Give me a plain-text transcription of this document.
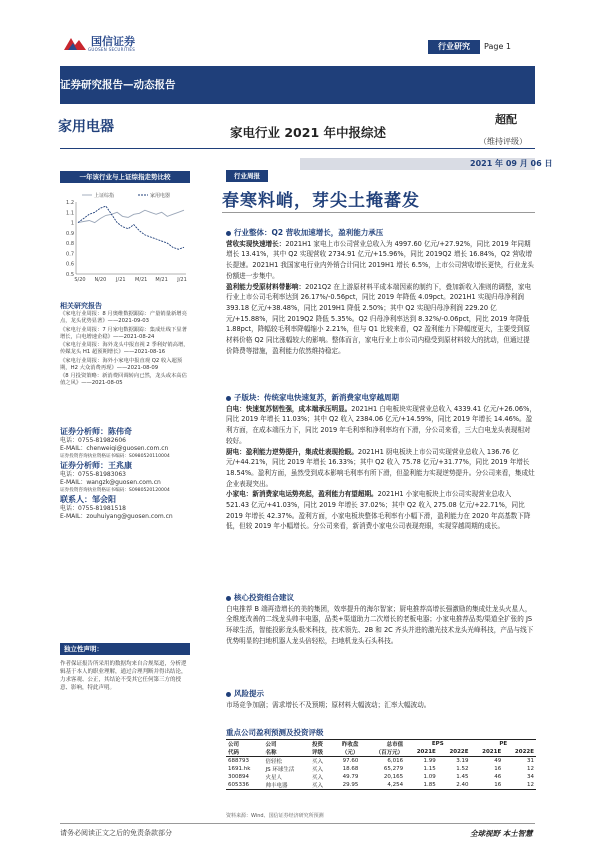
国信证券
GUOSEN SECURITIES	行业研究	Page 1
证券研究报告—动态报告
家用电器	家电行业 2021 年中报综述
超配
（维持评级）
2021 年 09 月 06 日
一年该行业与上证综指走势比较
1.2
1.1
1
0.9
0.8
0.7
0.6
0.5
S/20 N/20 J/21 M/21 M/21 J/21
上证综指	家用电器
相关研究报告

《家电行业周报：8 月奥维数据跟踪：产量销量新增亮点，龙头优势显著》——2021-09-03

《家电行业周报：7 月家电数据跟踪：集成灶线下显著增长，白电增速企稳》——2021-08-24

《家电行业周报：海外龙头中报直视 2 季利好销高增，传媒龙头 H1 超预期增长》——2021-08-16

《家电行业周报：海外小家电中报直观 Q2 收入超预期，H2 大众消费再现》——2021-08-09

《8 月投资策略：新消费回调转向已然，龙头或本高估值之风》——2021-08-05

证券分析师：陈伟奇
电话：0755-81982606
E-MAIL：chenweiqi@guosen.com.cn
证券投资咨询执业资格证书编码：S0980520110004
证券分析师：王兆康
电话：0755-81983063
E-MAIL：wangzk@guosen.com.cn
证券投资咨询执业资格证书编码：S0980520120004
联系人：邹会阳
电话：0755-81981518
E-MAIL：zouhuiyang@guosen.com.cn
独立性声明：
作者保证报告所采用的数据均来自合规渠道，分析逻辑基于本人的职业理解，通过合理判断并得出结论，力求客观、公正，其结论不受其它任何第三方的授意、影响，特此声明。
行业周报
春寒料峭，芽尖土掩蕃发
行业整体：Q2 营收加速增长，盈利能力承压
营收实现快速增长：2021H1 家电上市公司营业总收入为 4997.60 亿元/+27.92%，同比 2019 年同期增长 13.41%，其中 Q2 实现营收 2734.91 亿元/+15.96%，同比 2019Q2 增长 16.84%，Q2 营收增长提速。2021H1 我国家电行业内外销合计同比 2019H1 增长 6.5%，上市公司营收增长更快，行业龙头份额进一步集中。
盈利能力受原材料带影响：2021Q2 在上游原材料平成本端因素的制约下，叠加新收入准则的调整，家电行业上市公司毛利率达到 26.17%/-0.56pct，同比 2019 年降低 4.09pct。2021H1 实现归母净利润 393.18 亿元/+38.48%，同比 2019H1 降低 2.50%；其中 Q2 实现归母净利润 229.20 亿元/+15.88%，同比 2019Q2 降低 5.35%。Q2 归母净利率达到 8.32%/-0.06pct，同比 2019 年降低 1.88pct，降幅较毛利率降幅缩小 2.21%，但与 Q1 比较来看，Q2 盈利能力下降幅度更大，主要受到原材料价格 Q2 同比涨幅较大的影响。整体而言，家电行业上市公司内稳受到原材料较大的扰动，但通过提价降费等措施，盈利能力依然维持稳定。
子版块：传统家电快速复苏，新消费家电穿越周期
白电：快速复苏韧性强，成本端承压明显。2021H1 白电板块实现营业总收入 4339.41 亿元/+26.06%，同比 2019 年增长 11.03%；其中 Q2 收入 2384.06 亿元/+14.59%，同比 2019 年增长 14.46%。盈利方面，在成本端压力下，同比 2019 年毛利率和净利率均有下滑，分公司来看，三大白电龙头表现相对较好。
厨电：盈利能力逆势提升，集成灶表现抢眼。2021H1 厨电板块上市公司实现营业总收入 136.76 亿元/+44.21%，同比 2019 年增长 16.33%；其中 Q2 收入 75.78 亿元/+31.77%，同比 2019 年增长 18.54%。盈利方面，虽然受到成本影响毛利率有所下滑，但盈利能力实现逆势提升。分公司来看，集成灶企业表现突出。
小家电：新消费家电运势亮起，盈利能力有望超期。2021H1 小家电板块上市公司实现营业总收入 521.43 亿元/+41.03%，同比 2019 年增长 37.02%；其中 Q2 收入 275.08 亿元/+22.71%，同比 2019 年增长 42.37%。盈利方面，小家电板块整体毛利率有小幅下滑，盈利能力在 2020 年高基数下降低，但较 2019 年小幅增长。分公司来看，新消费小家电公司表现亮眼，实现穿越周期的成长。
核心投资组合建议
白电推荐 B 端再造增长的美的集团，效率提升的海尔智家；厨电推荐高增长强激励的集成灶龙头火星人，全维度改善的二线龙头帅丰电器，品类+渠道助力二次增长的老板电器；小家电推荐品类/渠道全扩张的 JS 环球生活，智能投影龙头极米科技，技术领先、2B 和 2C 齐头并进的激光技术龙头光峰科技，产品与线下优势明显的扫地机器人龙头倍轻松，扫地机龙头石头科技。
风险提示
市场竞争加剧；需求增长不及预期；原材料大幅波动；汇率大幅波动。
重点公司盈利预测及投资评级
公司	公司	投资	昨收盘	总市值	EPS		PE	
代码	名称	评级	（元）	（百万元）	2021E	2022E	2021E	2022E
688793	倍轻松	买入	97.60	6,016	1.99	3.19	49	31
1691.hk	JS 环球生活	买入	18.68	65,279	1.15	1.52	16	12
300894	火星人	买入	49.79	20,165	1.09	1.45	46	34
605336	帅丰电器	买入	29.95	4,254	1.85	2.40	16	12
资料来源：Wind、国信证券经济研究所预测
请务必阅读正文之后的免责条款部分	全球视野 本土智慧
